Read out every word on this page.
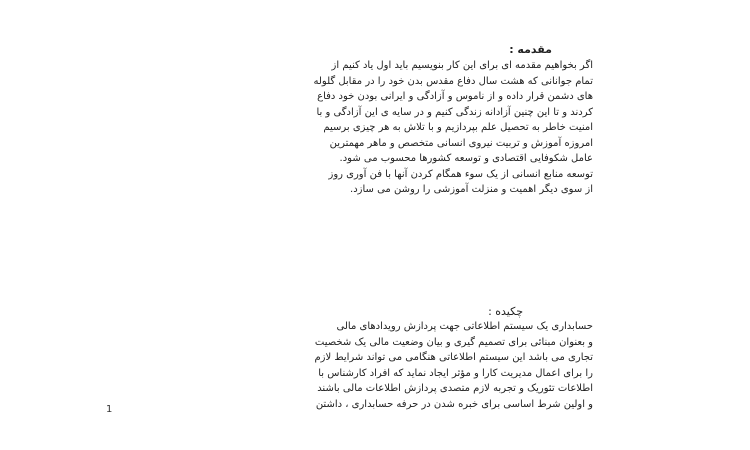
مقدمه :
اگر بخواهیم مقدمه ای برای این کار بنویسیم باید اول یاد کنیم از
تمام جوانانی که هشت سال دفاع مقدس بدن خود را در مقابل گلوله
های دشمن قرار داده و از ناموس و آزادگی و ایرانی بودن خود دفاع
کردند و تا این چنین آزادانه زندگی کنیم و در سایه ی این آزادگی و با
امنیت خاطر به تحصیل علم بپردازیم و با تلاش به هر چیزی برسیم
امروزه آموزش و تربیت نیروی انسانی متخصص و ماهر مهمترین
عامل شکوفایی اقتصادی و توسعه کشورها محسوب می شود.
توسعه منابع انسانی از یک سوء همگام کردن آنها با فن آوری روز
از سوی دیگر اهمیت و منزلت آموزشی را روشن می سازد.
چکیده :
حسابداری یک سیستم اطلاعاتی جهت پردازش رویدادهای مالی
و بعنوان مبنائی برای تصمیم گیری و بیان وضعیت مالی یک شخصیت
تجاری می باشد این سیستم اطلاعاتی هنگامی می تواند شرایط لازم
را برای اعمال مدیریت کارا و مؤثر ایجاد نماید که افراد کارشناس با
اطلاعات تئوریک و تجربه لازم متصدی پردازش اطلاعات مالی باشند
و اولین شرط اساسی برای خبره شدن در حرفه حسابداری ، داشتن
1
